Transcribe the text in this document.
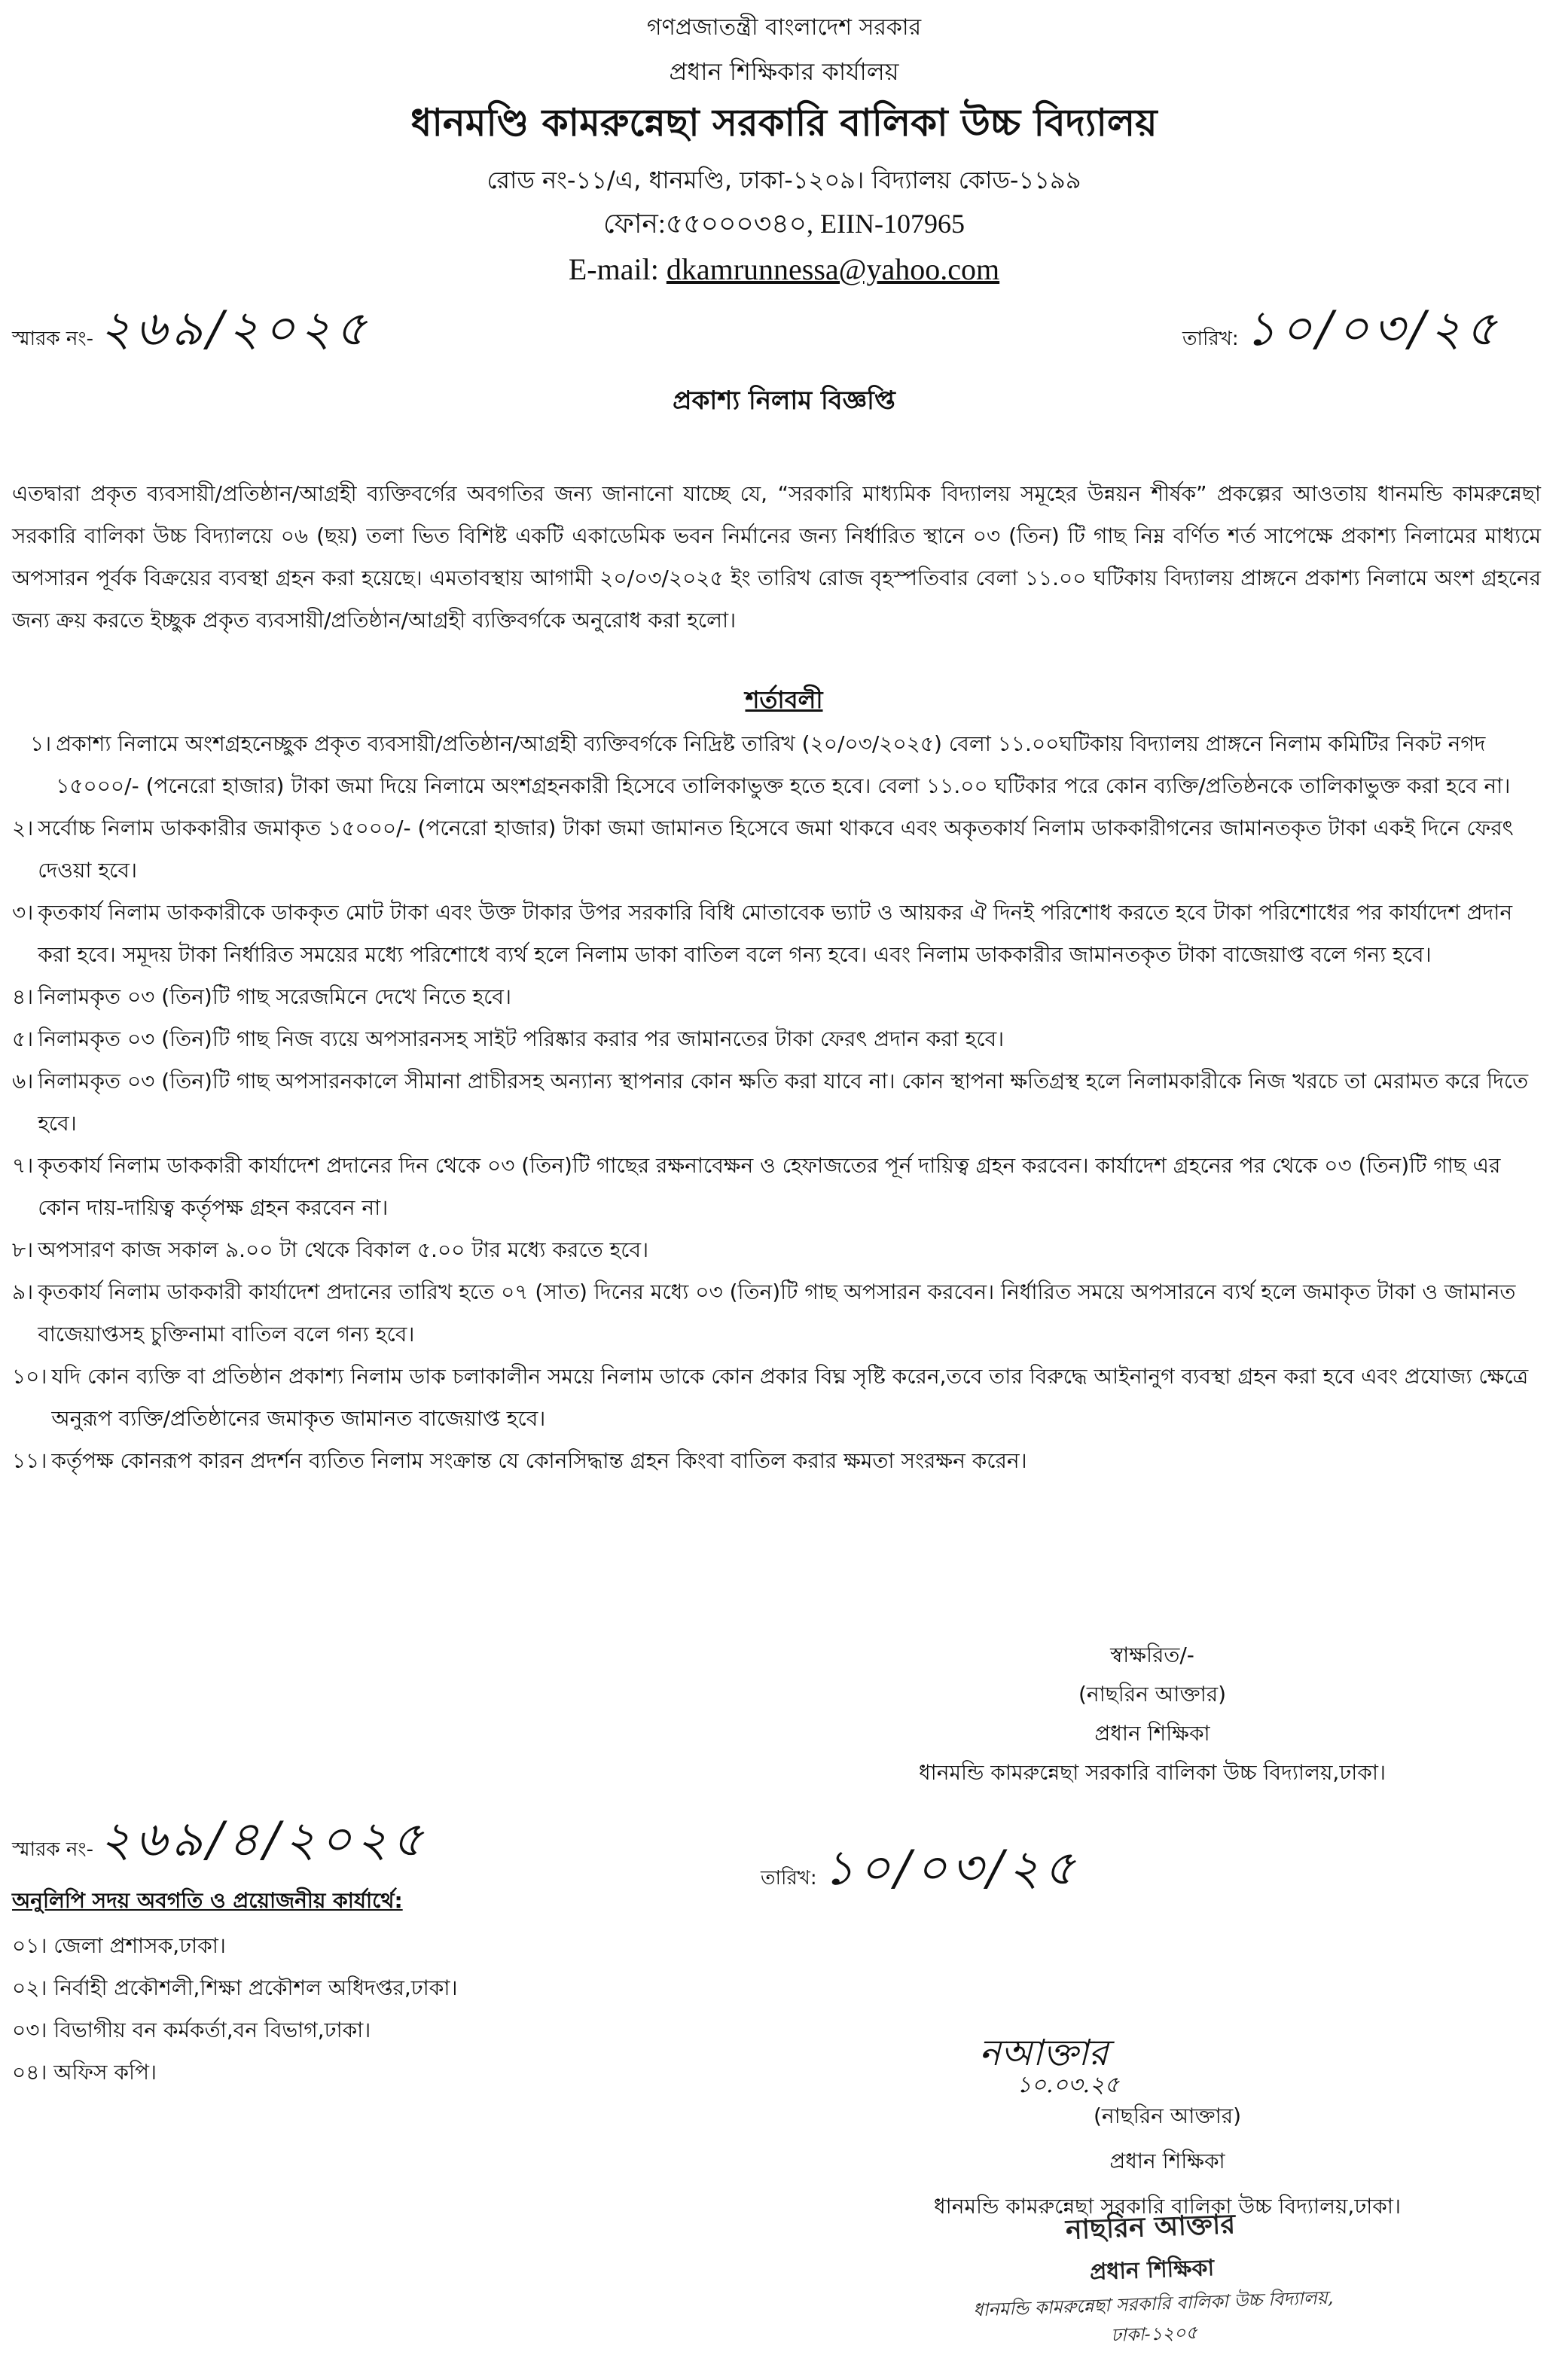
গণপ্রজাতন্ত্রী বাংলাদেশ সরকার
প্রধান শিক্ষিকার কার্যালয়
ধানমণ্ডি কামরুন্নেছা সরকারি বালিকা উচ্চ বিদ্যালয়
রোড নং-১১/এ, ধানমণ্ডি, ঢাকা-১২০৯। বিদ্যালয় কোড-১১৯৯
ফোন:৫৫০০০৩৪০, EIIN-107965
E-mail: dkamrunnessa@yahoo.com
স্মারক নং- ২৬৯/২০২৫	তারিখ: ১০/০৩/২৫
প্রকাশ্য নিলাম বিজ্ঞপ্তি
এতদ্বারা প্রকৃত ব্যবসায়ী/প্রতিষ্ঠান/আগ্রহী ব্যক্তিবর্গের অবগতির জন্য জানানো যাচ্ছে যে, “সরকারি মাধ্যমিক বিদ্যালয় সমূহের উন্নয়ন শীর্ষক” প্রকল্পের আওতায় ধানমন্ডি কামরুন্নেছা সরকারি বালিকা উচ্চ বিদ্যালয়ে ০৬ (ছয়) তলা ভিত বিশিষ্ট একটি একাডেমিক ভবন নির্মানের জন্য নির্ধারিত স্থানে ০৩ (তিন) টি গাছ নিম্ন বর্ণিত শর্ত সাপেক্ষে প্রকাশ্য নিলামের মাধ্যমে অপসারন পূর্বক বিক্রয়ের ব্যবস্থা গ্রহন করা হয়েছে। এমতাবস্থায় আগামী ২০/০৩/২০২৫ ইং তারিখ রোজ বৃহস্পতিবার বেলা ১১.০০ ঘটিকায় বিদ্যালয় প্রাঙ্গনে প্রকাশ্য নিলামে অংশ গ্রহনের জন্য ক্রয় করতে ইচ্ছুক প্রকৃত ব্যবসায়ী/প্রতিষ্ঠান/আগ্রহী ব্যক্তিবর্গকে অনুরোধ করা হলো।
শর্তাবলী
১। প্রকাশ্য নিলামে অংশগ্রহনেচ্ছুক প্রকৃত ব্যবসায়ী/প্রতিষ্ঠান/আগ্রহী ব্যক্তিবর্গকে নিদ্রিষ্ট তারিখ (২০/০৩/২০২৫) বেলা ১১.০০ঘটিকায় বিদ্যালয় প্রাঙ্গনে নিলাম কমিটির নিকট নগদ ১৫০০০/- (পনেরো হাজার) টাকা জমা দিয়ে নিলামে অংশগ্রহনকারী হিসেবে তালিকাভুক্ত হতে হবে। বেলা ১১.০০ ঘটিকার পরে কোন ব্যক্তি/প্রতিষ্ঠনকে তালিকাভুক্ত করা হবে না।
২। সর্বোচ্চ নিলাম ডাককারীর জমাকৃত ১৫০০০/- (পনেরো হাজার) টাকা জমা জামানত হিসেবে জমা থাকবে এবং অকৃতকার্য নিলাম ডাককারীগনের জামানতকৃত টাকা একই দিনে ফেরৎ দেওয়া হবে।
৩। কৃতকার্য নিলাম ডাককারীকে ডাককৃত মোট টাকা এবং উক্ত টাকার উপর সরকারি বিধি মোতাবেক ভ্যাট ও আয়কর ঐ দিনই পরিশোধ করতে হবে টাকা পরিশোধের পর কার্যাদেশ প্রদান করা হবে। সমূদয় টাকা নির্ধারিত সময়ের মধ্যে পরিশোধে ব্যর্থ হলে নিলাম ডাকা বাতিল বলে গন্য হবে। এবং নিলাম ডাককারীর জামানতকৃত টাকা বাজেয়াপ্ত বলে গন্য হবে।
৪। নিলামকৃত ০৩ (তিন)টি গাছ সরেজমিনে দেখে নিতে হবে।
৫। নিলামকৃত ০৩ (তিন)টি গাছ নিজ ব্যয়ে অপসারনসহ সাইট পরিষ্কার করার পর জামানতের টাকা ফেরৎ প্রদান করা হবে।
৬। নিলামকৃত ০৩ (তিন)টি গাছ অপসারনকালে সীমানা প্রাচীরসহ অন্যান্য স্থাপনার কোন ক্ষতি করা যাবে না। কোন স্থাপনা ক্ষতিগ্রস্থ হলে নিলামকারীকে নিজ খরচে তা মেরামত করে দিতে হবে।
৭। কৃতকার্য নিলাম ডাককারী কার্যাদেশ প্রদানের দিন থেকে ০৩ (তিন)টি গাছের রক্ষনাবেক্ষন ও হেফাজতের পূর্ন দায়িত্ব গ্রহন করবেন। কার্যাদেশ গ্রহনের পর থেকে ০৩ (তিন)টি গাছ এর কোন দায়-দায়িত্ব কর্তৃপক্ষ গ্রহন করবেন না।
৮। অপসারণ কাজ সকাল ৯.০০ টা থেকে বিকাল ৫.০০ টার মধ্যে করতে হবে।
৯। কৃতকার্য নিলাম ডাককারী কার্যাদেশ প্রদানের তারিখ হতে ০৭ (সাত) দিনের মধ্যে ০৩ (তিন)টি গাছ অপসারন করবেন। নির্ধারিত সময়ে অপসারনে ব্যর্থ হলে জমাকৃত টাকা ও জামানত বাজেয়াপ্তসহ চুক্তিনামা বাতিল বলে গন্য হবে।
১০। যদি কোন ব্যক্তি বা প্রতিষ্ঠান প্রকাশ্য নিলাম ডাক চলাকালীন সময়ে নিলাম ডাকে কোন প্রকার বিঘ্ন সৃষ্টি করেন,তবে তার বিরুদ্ধে আইনানুগ ব্যবস্থা গ্রহন করা হবে এবং প্রযোজ্য ক্ষেত্রে অনুরূপ ব্যক্তি/প্রতিষ্ঠানের জমাকৃত জামানত বাজেয়াপ্ত হবে।
১১। কর্তৃপক্ষ কোনরূপ কারন প্রদর্শন ব্যতিত নিলাম সংক্রান্ত যে কোনসিদ্ধান্ত গ্রহন কিংবা বাতিল করার ক্ষমতা সংরক্ষন করেন।
স্বাক্ষরিত/-
(নাছরিন আক্তার)
প্রধান শিক্ষিকা
ধানমন্ডি কামরুন্নেছা সরকারি বালিকা উচ্চ বিদ্যালয়,ঢাকা।
স্মারক নং- ২৬৯/৪/২০২৫
তারিখ: ১০/০৩/২৫
অনুলিপি সদয় অবগতি ও প্রয়োজনীয় কার্যার্থে:
০১। জেলা প্রশাসক,ঢাকা।
০২। নির্বাহী প্রকৌশলী,শিক্ষা প্রকৌশল অধিদপ্তর,ঢাকা।
০৩। বিভাগীয় বন কর্মকর্তা,বন বিভাগ,ঢাকা।
০৪। অফিস কপি।	নআক্তার
১০.০৩.২৫
(নাছরিন আক্তার)
প্রধান শিক্ষিকা
ধানমন্ডি কামরুন্নেছা সরকারি বালিকা উচ্চ বিদ্যালয়,ঢাকা।
নাছরিন আক্তার
প্রধান শিক্ষিকা
ধানমন্ডি কামরুন্নেছা সরকারি বালিকা উচ্চ বিদ্যালয়, ঢাকা-১২০৫
